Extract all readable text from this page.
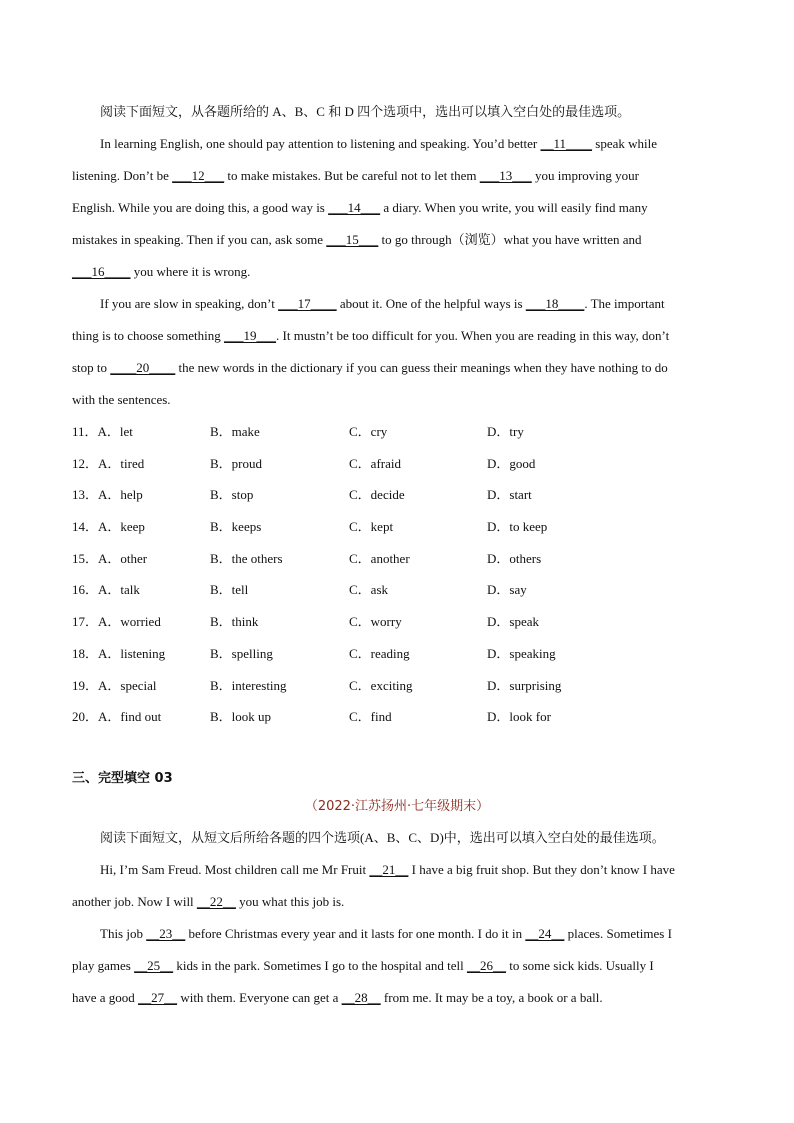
阅读下面短文，从各题所给的 A、B、C 和 D 四个选项中，选出可以填入空白处的最佳选项。
In learning English, one should pay attention to listening and speaking. You’d better __11____ speak while
listening. Don’t be ___12___ to make mistakes. But be careful not to let them ___13___ you improving your
English. While you are doing this, a good way is ___14___ a diary. When you write, you will easily find many
mistakes in speaking. Then if you can, ask some ___15___ to go through（浏览）what you have written and
___16____ you where it is wrong.
If you are slow in speaking, don’t ___17____ about it. One of the helpful ways is ___18____. The important
thing is to choose something ___19___. It mustn’t be too difficult for you. When you are reading in this way, don’t
stop to ____20____ the new words in the dictionary if you can guess their meanings when they have nothing to do
with the sentences.
11．A．let	B．make	C．cry	D．try
12．A．tired	B．proud	C．afraid	D．good
13．A．help	B．stop	C．decide	D．start
14．A．keep	B．keeps	C．kept	D．to keep
15．A．other	B．the others	C．another	D．others
16．A．talk	B．tell	C．ask	D．say
17．A．worried	B．think	C．worry	D．speak
18．A．listening	B．spelling	C．reading	D．speaking
19．A．special	B．interesting	C．exciting	D．surprising
20．A．find out	B．look up	C．find	D．look for
三、完型填空 03
（2022·江苏扬州·七年级期末）
阅读下面短文，从短文后所给各题的四个选项(A、B、C、D)中，选出可以填入空白处的最佳选项。
Hi, I’m Sam Freud. Most children call me Mr Fruit __21__ I have a big fruit shop. But they don’t know I have
another job. Now I will __22__ you what this job is.
This job __23__ before Christmas every year and it lasts for one month. I do it in __24__ places. Sometimes I
play games __25__ kids in the park. Sometimes I go to the hospital and tell __26__ to some sick kids. Usually I
have a good __27__ with them. Everyone can get a __28__ from me. It may be a toy, a book or a ball.
